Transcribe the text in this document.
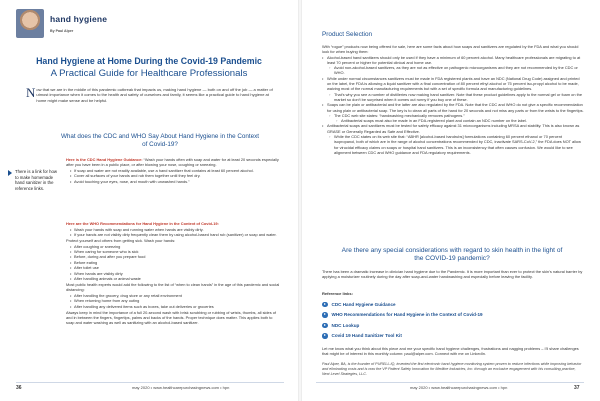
hand hygiene
By Paul Alper
Hand Hygiene at Home During the Covid-19 Pandemic
A Practical Guide for Healthcare Professionals
Now that we are in the middle of this pandemic outbreak that impacts us, making hand hygiene — both on and off the job — a matter of utmost importance when it comes to the health and safety of ourselves and family, it seems like a practical guide to hand hygiene at home might make sense and be helpful.
What does the CDC and WHO Say About Hand Hygiene in the Context of Covid-19?
There is a link for how to make homemade hand sanitizer in the reference links.
Here is the CDC Hand Hygiene Guidance: “Wash your hands often with soap and water for at least 20 seconds especially after you have been in a public place, or after blowing your nose, coughing or sneezing.
• If soap and water are not readily available, use a hand sanitizer that contains at least 60 percent alcohol.
• Cover all surfaces of your hands and rub them together until they feel dry.
• Avoid touching your eyes, nose, and mouth with unwashed hands.”
Here are the WHO Recommendations for Hand Hygiene in the Context of Covid-19:
• Wash your hands with soap and running water when hands are visibly dirty.
• If your hands are not visibly dirty frequently clean them by using alcohol-based hand rub (sanitizer) or soap and water.
Protect yourself and others from getting sick. Wash your hands:
• After coughing or sneezing
• When caring for someone who is sick
• Before, during and after you prepare food
• Before eating
• After toilet use
• When hands are visibly dirty
• After handling animals or animal waste
Most public health experts would add the following to the list of “when to clean hands” in the age of this pandemic and social distancing:
• After handling the grocery, drug store or any retail environment
• When returning home from any outing
• After handling any delivered items such as boxes, take out deliveries or groceries
Always keep in mind the importance of a full 20-second wash with brisk scrubbing or rubbing of wrists, thumbs, all sides of and in between the fingers, fingertips, palms and backs of the hands. Proper technique does matter. This applies both to soap and water washing as well as sanitizing with an alcohol-based sanitizer.
36	may 2020 • www.healthcarepurchasingnews.com • hpn
Product Selection
With “rogue” products now being offered for sale, here are some facts about how soaps and sanitizers are regulated by the FDA and what you should look for when buying them:
• Alcohol-based hand sanitizers should only be used if they have a minimum of 60 percent alcohol. Many healthcare professionals are migrating to at least 70 percent or higher for potential clinical and home use.
◦ Avoid non-alcohol-based sanitizers, as they are not as effective on pathogenic microorganisms and they are not recommended by the CDC or WHO.
• While under normal circumstances sanitizers must be made in FDA registered plants and have an NDC (National Drug Code) assigned and printed on the label, the FDA is allowing a liquid sanitizer with a final concentration of 80 percent ethyl alcohol or 75 percent iso-propyl alcohol to be made, waiving most of the normal manufacturing requirements but with a set of specific formula and manufacturing guidelines.
◦ That’s why you see a number of distilleries now making hand sanitizer. Note that these product guidelines apply to the normal gel or foam on the market so don’t be surprised when it comes out runny if you buy one of these.
• Soaps can be plain or antibacterial and the latter are also regulated by the FDA. Note that the CDC and WHO do not give a specific recommendation for using plain or antibacterial soap. The key is to clean all parts of the hand for 20 seconds and not miss any parts or from the wrists to the fingertips.
◦ The CDC web site states: “handwashing mechanically removes pathogens.”
◦ Antibacterial soaps must also be made in an FDA-registered plant and contain an NDC number on the label.
• Antibacterial soaps and sanitizers must be tested for safety efficacy against 31 microorganisms including MRSA and stability. This is also known as GRASE or Generally Regarded as Safe and Effective.
◦ While the CDC states on its web site that: “ABHR [alcohol-based handrubs] formulations containing 60 percent ethanol or 70 percent isopropanol, both of which are in the range of alcohol concentrations recommended by CDC, inactivate SARS-CoV-2,” the FDA does NOT allow for virucidal efficacy claims on soaps or hospital hand sanitizers. This is an inconsistency that often causes confusion. We would like to see alignment between CDC and WHO guidance and FDA regulatory requirements.
Are there any special considerations with regard to skin health in the light of the COVID-19 pandemic?
There has been a dramatic increase in clinician hand hygiene due to the Pandemic. It is more important than ever to protect the skin’s natural barrier by applying a moisturizer routinely during the day after soap-and-water handwashing and especially before leaving the facility.
Reference links:
CDC Hand Hygiene Guidance
WHO Recommendations for Hand Hygiene in the Context of Covid-19
NDC Lookup
Covid 19 Hand Sanitizer Tool Kit
Let me know what you think about this piece and me your specific hand hygiene challenges, frustrations and nagging problems – I’ll share challenges that might be of interest in this monthly column: paul@alper.com. Connect with me on LinkedIn.
Paul Alper, BA, is the founder of PURELL.IQ, invented the first electronic hand hygiene monitoring system proven to reduce infections while improving behavior and eliminating costs and is now the VP Patient Safety Innovation for Medline Industries, Inc. through an exclusive engagement with his consulting practice, Next Level Strategies, LLC.
may 2020 • www.healthcarepurchasingnews.com • hpn	37
